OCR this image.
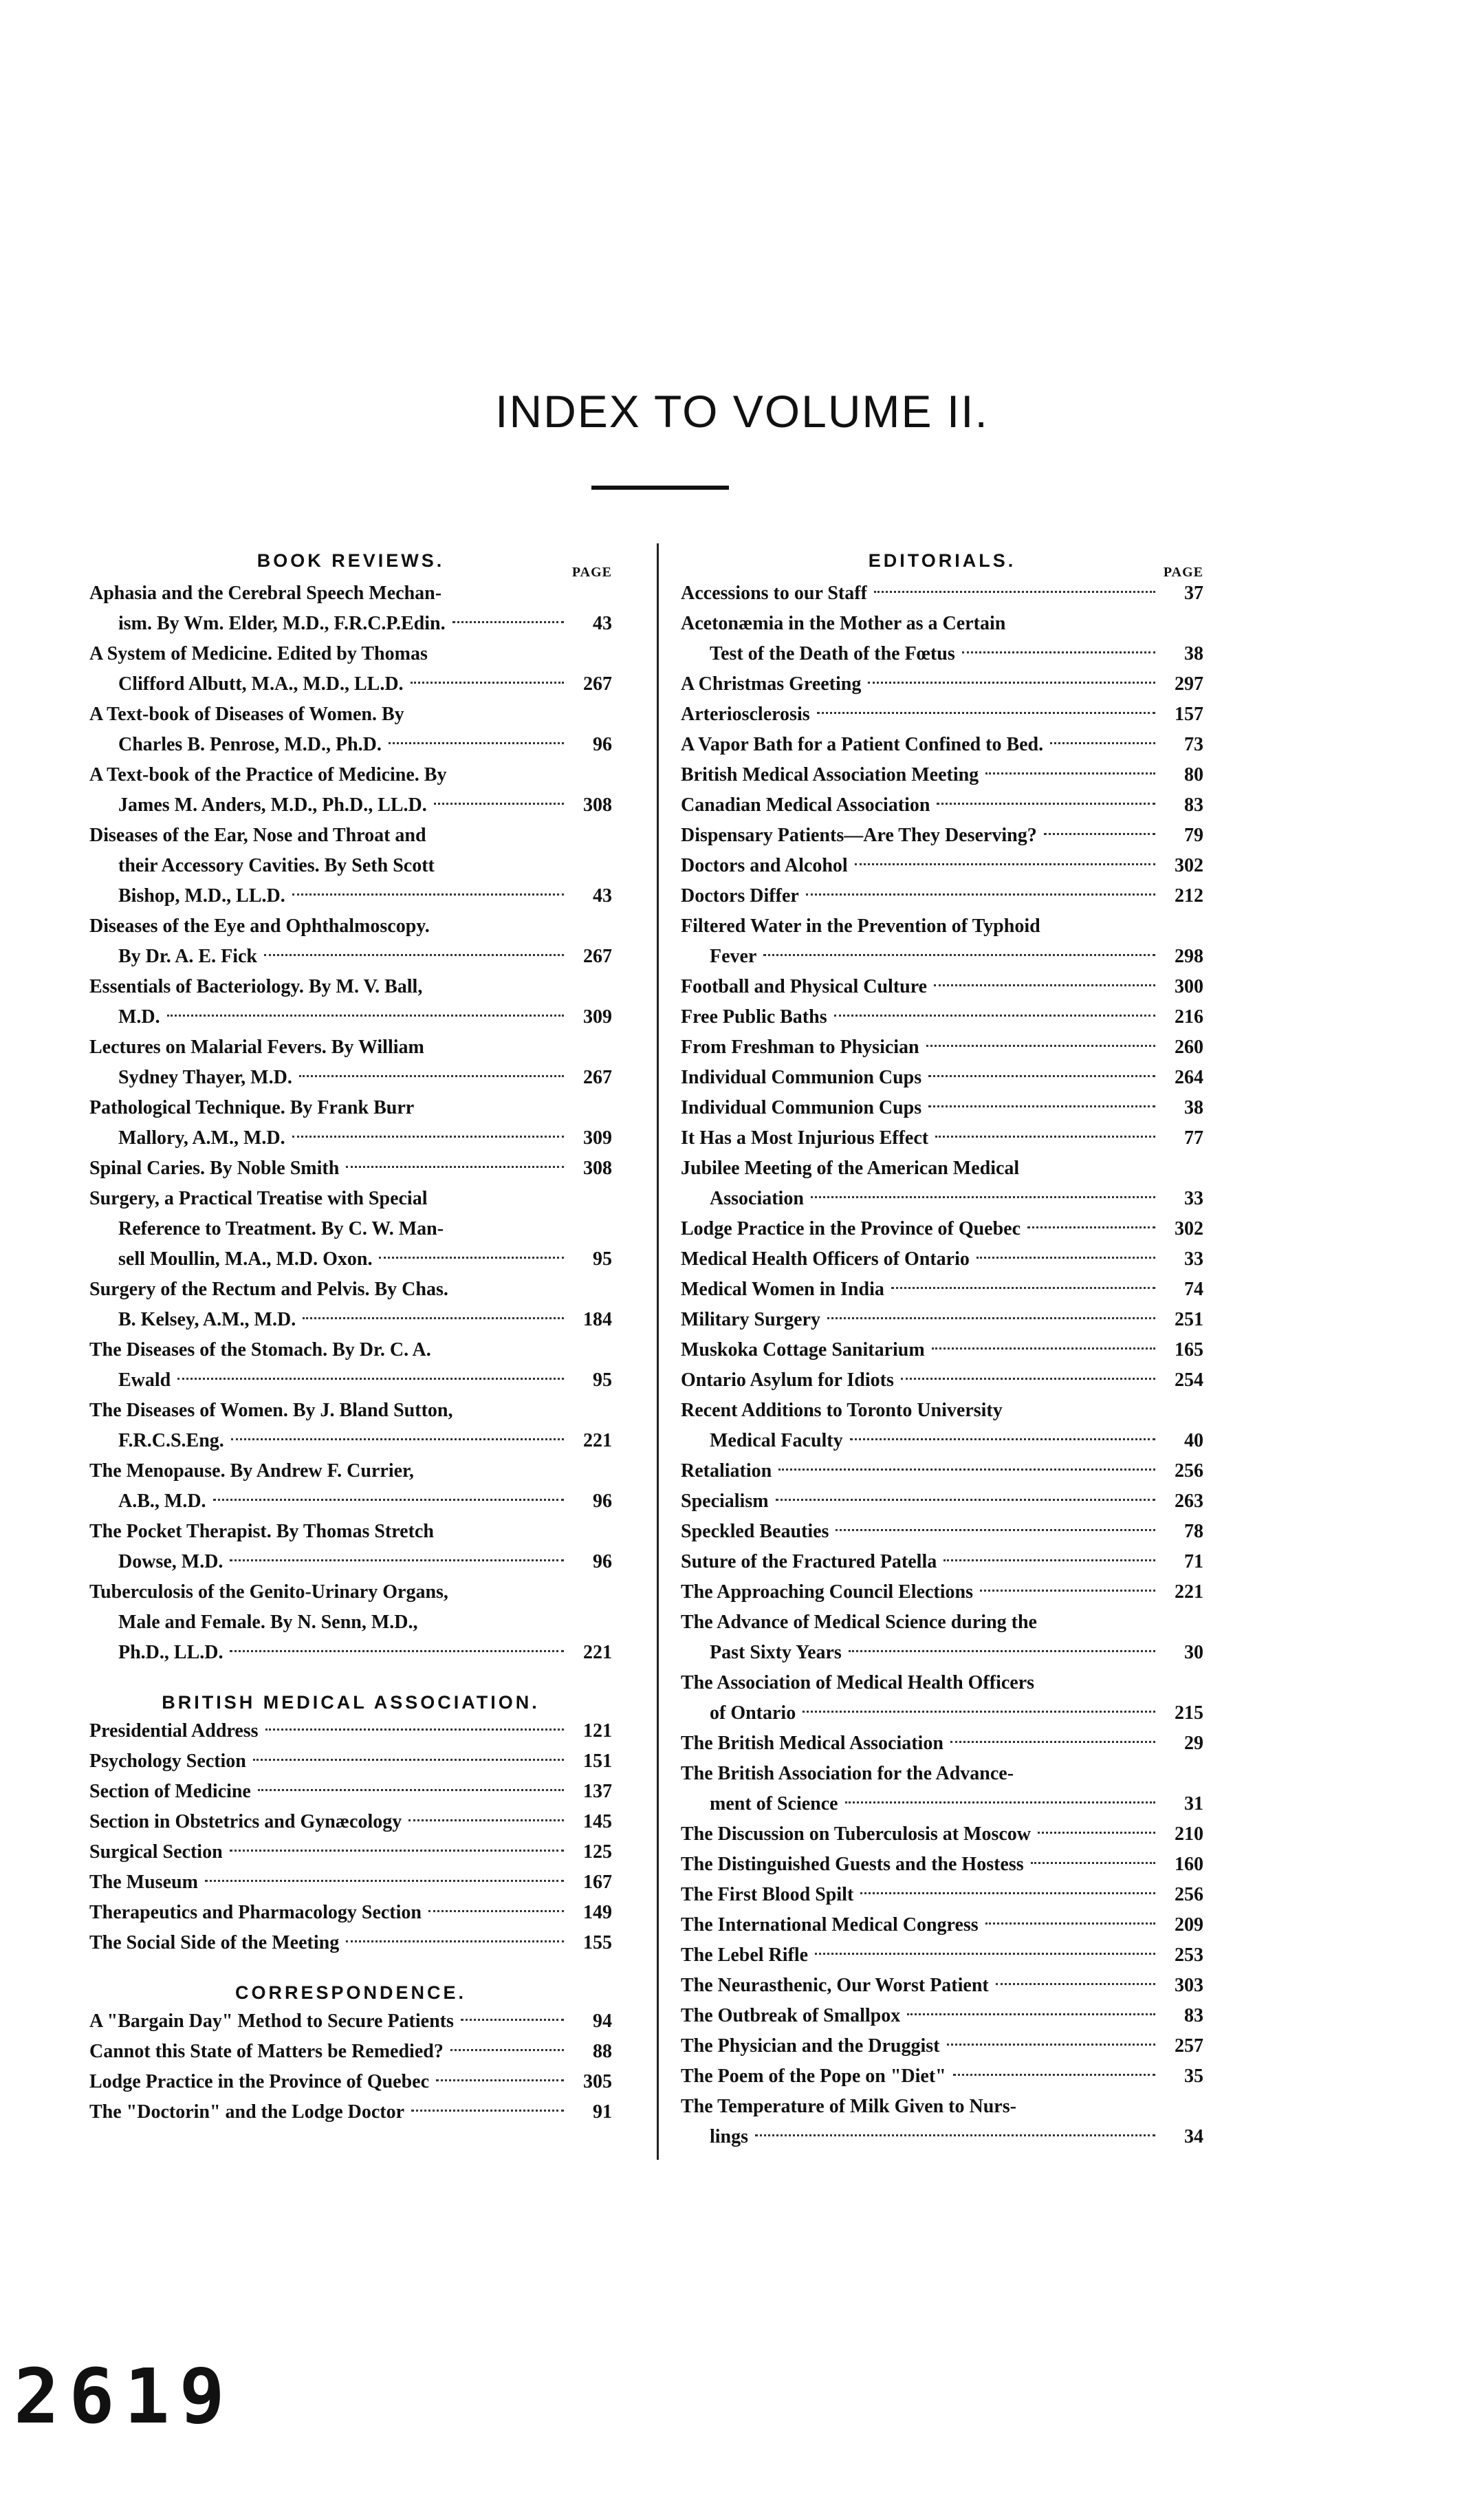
INDEX TO VOLUME II.
BOOK REVIEWS.
PAGE
Aphasia and the Cerebral Speech Mechan-
ism. By Wm. Elder, M.D., F.R.C.P.Edin.	43
A System of Medicine. Edited by Thomas
Clifford Albutt, M.A., M.D., LL.D.	267
A Text-book of Diseases of Women. By
Charles B. Penrose, M.D., Ph.D.	96
A Text-book of the Practice of Medicine. By
James M. Anders, M.D., Ph.D., LL.D.	308
Diseases of the Ear, Nose and Throat and
their Accessory Cavities. By Seth Scott
Bishop, M.D., LL.D.	43
Diseases of the Eye and Ophthalmoscopy.
By Dr. A. E. Fick	267
Essentials of Bacteriology. By M. V. Ball,
M.D.	309
Lectures on Malarial Fevers. By William
Sydney Thayer, M.D.	267
Pathological Technique. By Frank Burr
Mallory, A.M., M.D.	309
Spinal Caries. By Noble Smith	308
Surgery, a Practical Treatise with Special
Reference to Treatment. By C. W. Man-
sell Moullin, M.A., M.D. Oxon.	95
Surgery of the Rectum and Pelvis. By Chas.
B. Kelsey, A.M., M.D.	184
The Diseases of the Stomach. By Dr. C. A.
Ewald	95
The Diseases of Women. By J. Bland Sutton,
F.R.C.S.Eng.	221
The Menopause. By Andrew F. Currier,
A.B., M.D.	96
The Pocket Therapist. By Thomas Stretch
Dowse, M.D.	96
Tuberculosis of the Genito-Urinary Organs,
Male and Female. By N. Senn, M.D.,
Ph.D., LL.D.	221
BRITISH MEDICAL ASSOCIATION.
Presidential Address	121
Psychology Section	151
Section of Medicine	137
Section in Obstetrics and Gynæcology	145
Surgical Section	125
The Museum	167
Therapeutics and Pharmacology Section	149
The Social Side of the Meeting	155
CORRESPONDENCE.
A "Bargain Day" Method to Secure Patients	94
Cannot this State of Matters be Remedied?	88
Lodge Practice in the Province of Quebec	305
The "Doctorin" and the Lodge Doctor	91
EDITORIALS.
PAGE
Accessions to our Staff	37
Acetonæmia in the Mother as a Certain
Test of the Death of the Fœtus	38
A Christmas Greeting	297
Arteriosclerosis	157
A Vapor Bath for a Patient Confined to Bed.	73
British Medical Association Meeting	80
Canadian Medical Association	83
Dispensary Patients—Are They Deserving?	79
Doctors and Alcohol	302
Doctors Differ	212
Filtered Water in the Prevention of Typhoid
Fever	298
Football and Physical Culture	300
Free Public Baths	216
From Freshman to Physician	260
Individual Communion Cups	264
Individual Communion Cups	38
It Has a Most Injurious Effect	77
Jubilee Meeting of the American Medical
Association	33
Lodge Practice in the Province of Quebec	302
Medical Health Officers of Ontario	33
Medical Women in India	74
Military Surgery	251
Muskoka Cottage Sanitarium	165
Ontario Asylum for Idiots	254
Recent Additions to Toronto University
Medical Faculty	40
Retaliation	256
Specialism	263
Speckled Beauties	78
Suture of the Fractured Patella	71
The Approaching Council Elections	221
The Advance of Medical Science during the
Past Sixty Years	30
The Association of Medical Health Officers
of Ontario	215
The British Medical Association	29
The British Association for the Advance-
ment of Science	31
The Discussion on Tuberculosis at Moscow	210
The Distinguished Guests and the Hostess	160
The First Blood Spilt	256
The International Medical Congress	209
The Lebel Rifle	253
The Neurasthenic, Our Worst Patient	303
The Outbreak of Smallpox	83
The Physician and the Druggist	257
The Poem of the Pope on "Diet"	35
The Temperature of Milk Given to Nurs-
lings	34
2619
